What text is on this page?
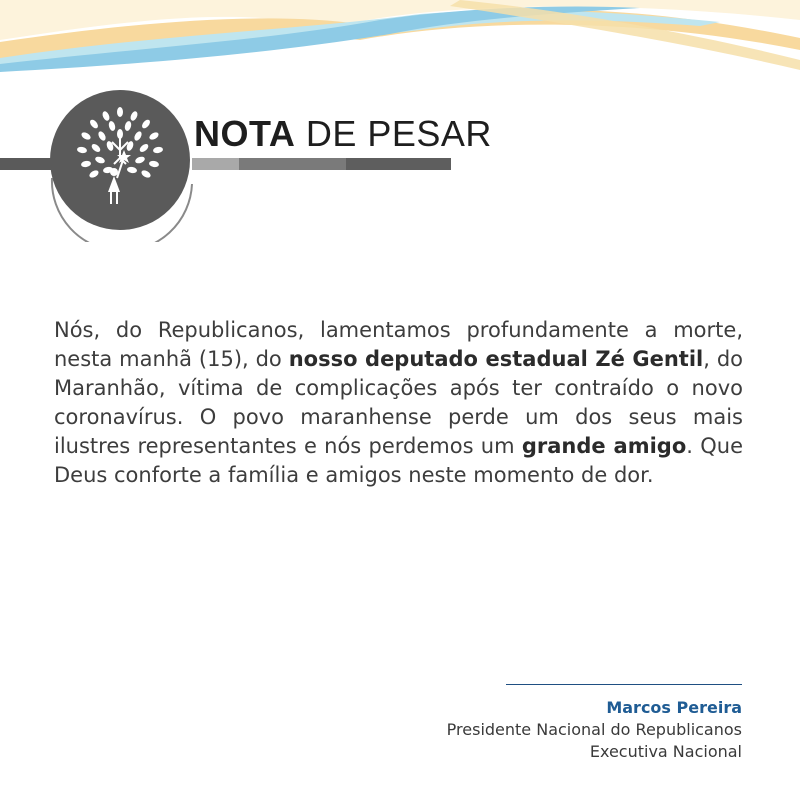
NOTA DE PESAR

Nós, do Republicanos, lamentamos profundamente a morte, nesta manhã (15), do nosso deputado estadual Zé Gentil, do Maranhão, vítima de complicações após ter contraído o novo coronavírus. O povo maranhense perde um dos seus mais ilustres representantes e nós perdemos um grande amigo. Que Deus conforte a família e amigos neste momento de dor.

Marcos Pereira
Presidente Nacional do Republicanos
Executiva Nacional
